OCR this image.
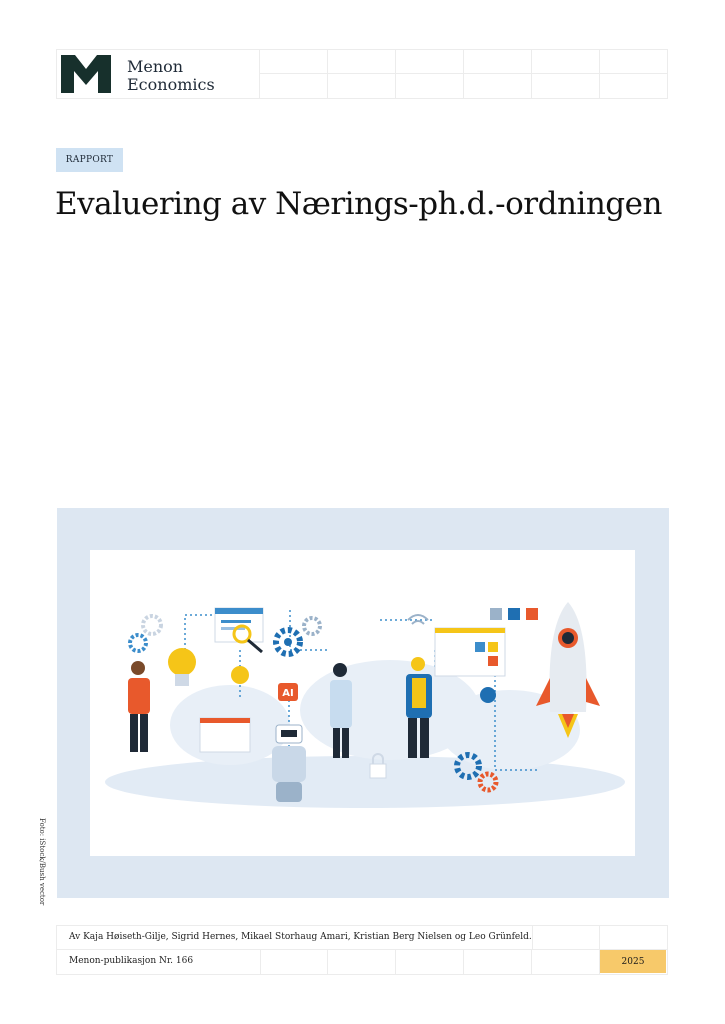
Menon
Economics
RAPPORT
Evaluering av Nærings-ph.d.-ordningen
AI
Foto: iStock/Bush vector
Av Kaja Høiseth-Gilje, Sigrid Hernes, Mikael Storhaug Amari, Kristian Berg Nielsen og Leo Grünfeld.
Menon-publikasjon Nr. 166	2025
